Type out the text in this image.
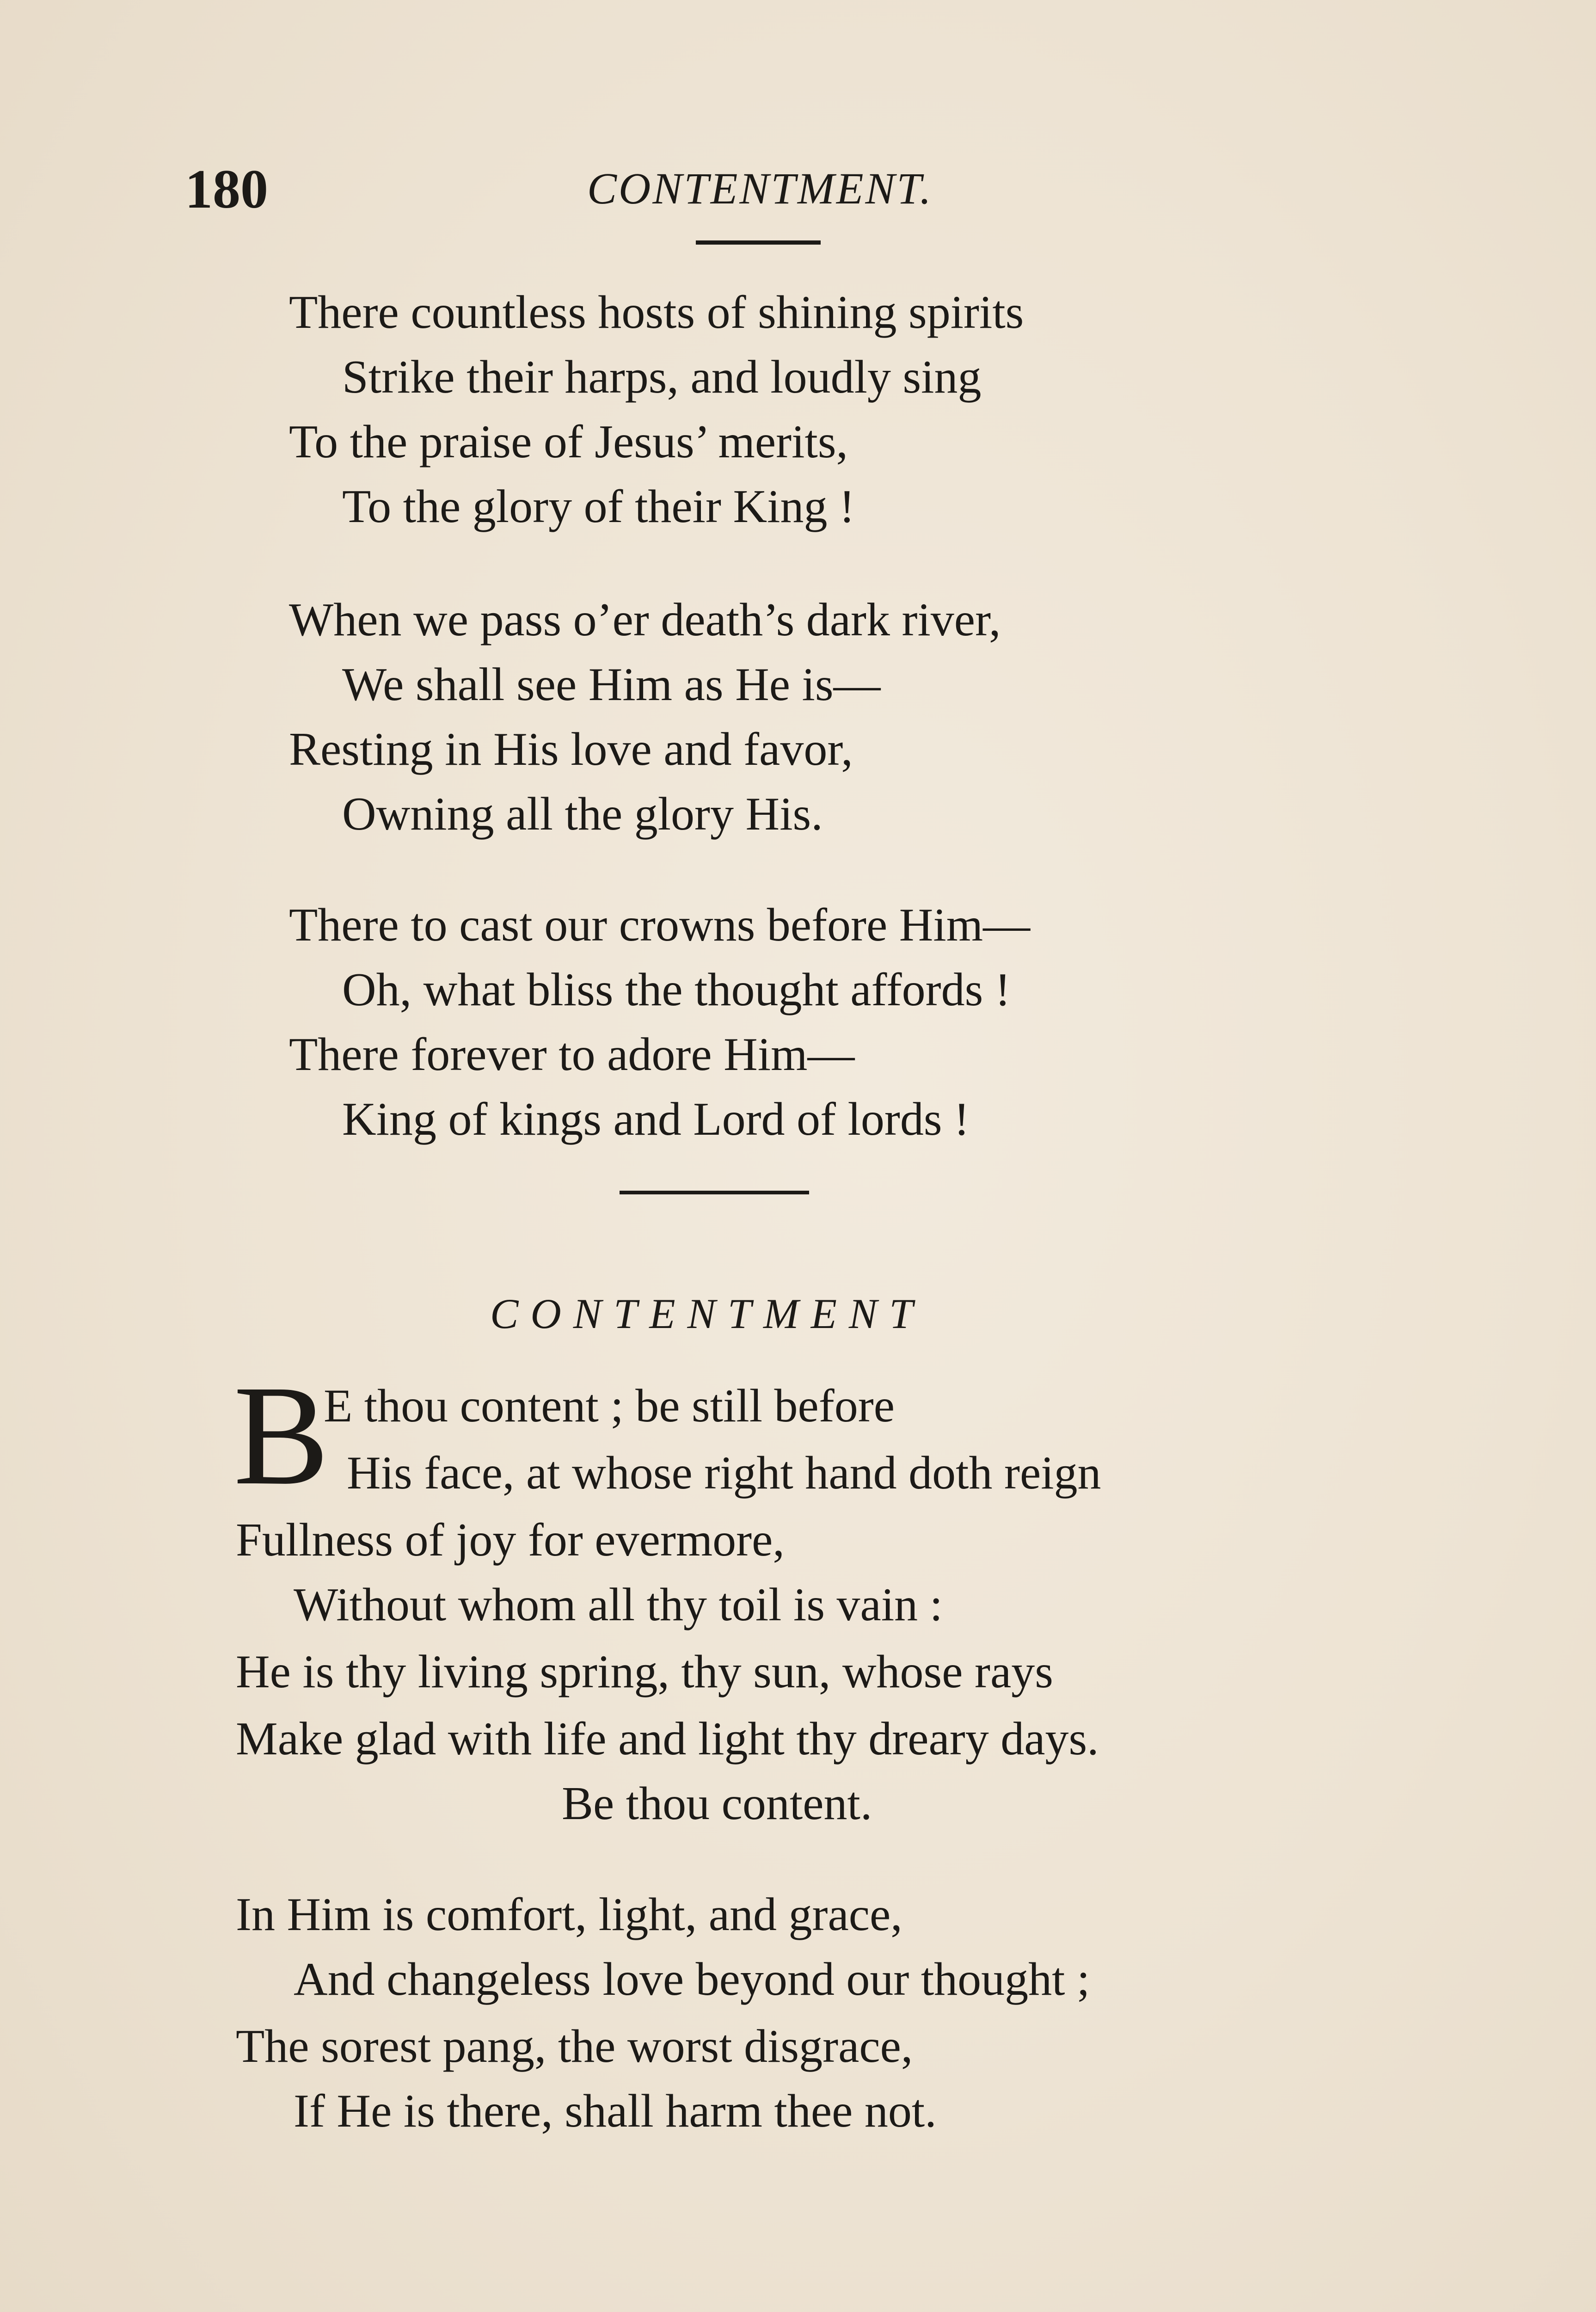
180	CONTENTMENT.
There countless hosts of shining spirits
Strike their harps, and loudly sing
To the praise of Jesus’ merits,
To the glory of their King !
When we pass o’er death’s dark river,
We shall see Him as He is—
Resting in His love and favor,
Owning all the glory His.
There to cast our crowns before Him—
Oh, what bliss the thought affords !
There forever to adore Him—
King of kings and Lord of lords !
CONTENTMENT
B
E thou content ; be still before
His face, at whose right hand doth reign
Fullness of joy for evermore,
Without whom all thy toil is vain :
He is thy living spring, thy sun, whose rays
Make glad with life and light thy dreary days.
Be thou content.
In Him is comfort, light, and grace,
And changeless love beyond our thought ;
The sorest pang, the worst disgrace,
If He is there, shall harm thee not.
